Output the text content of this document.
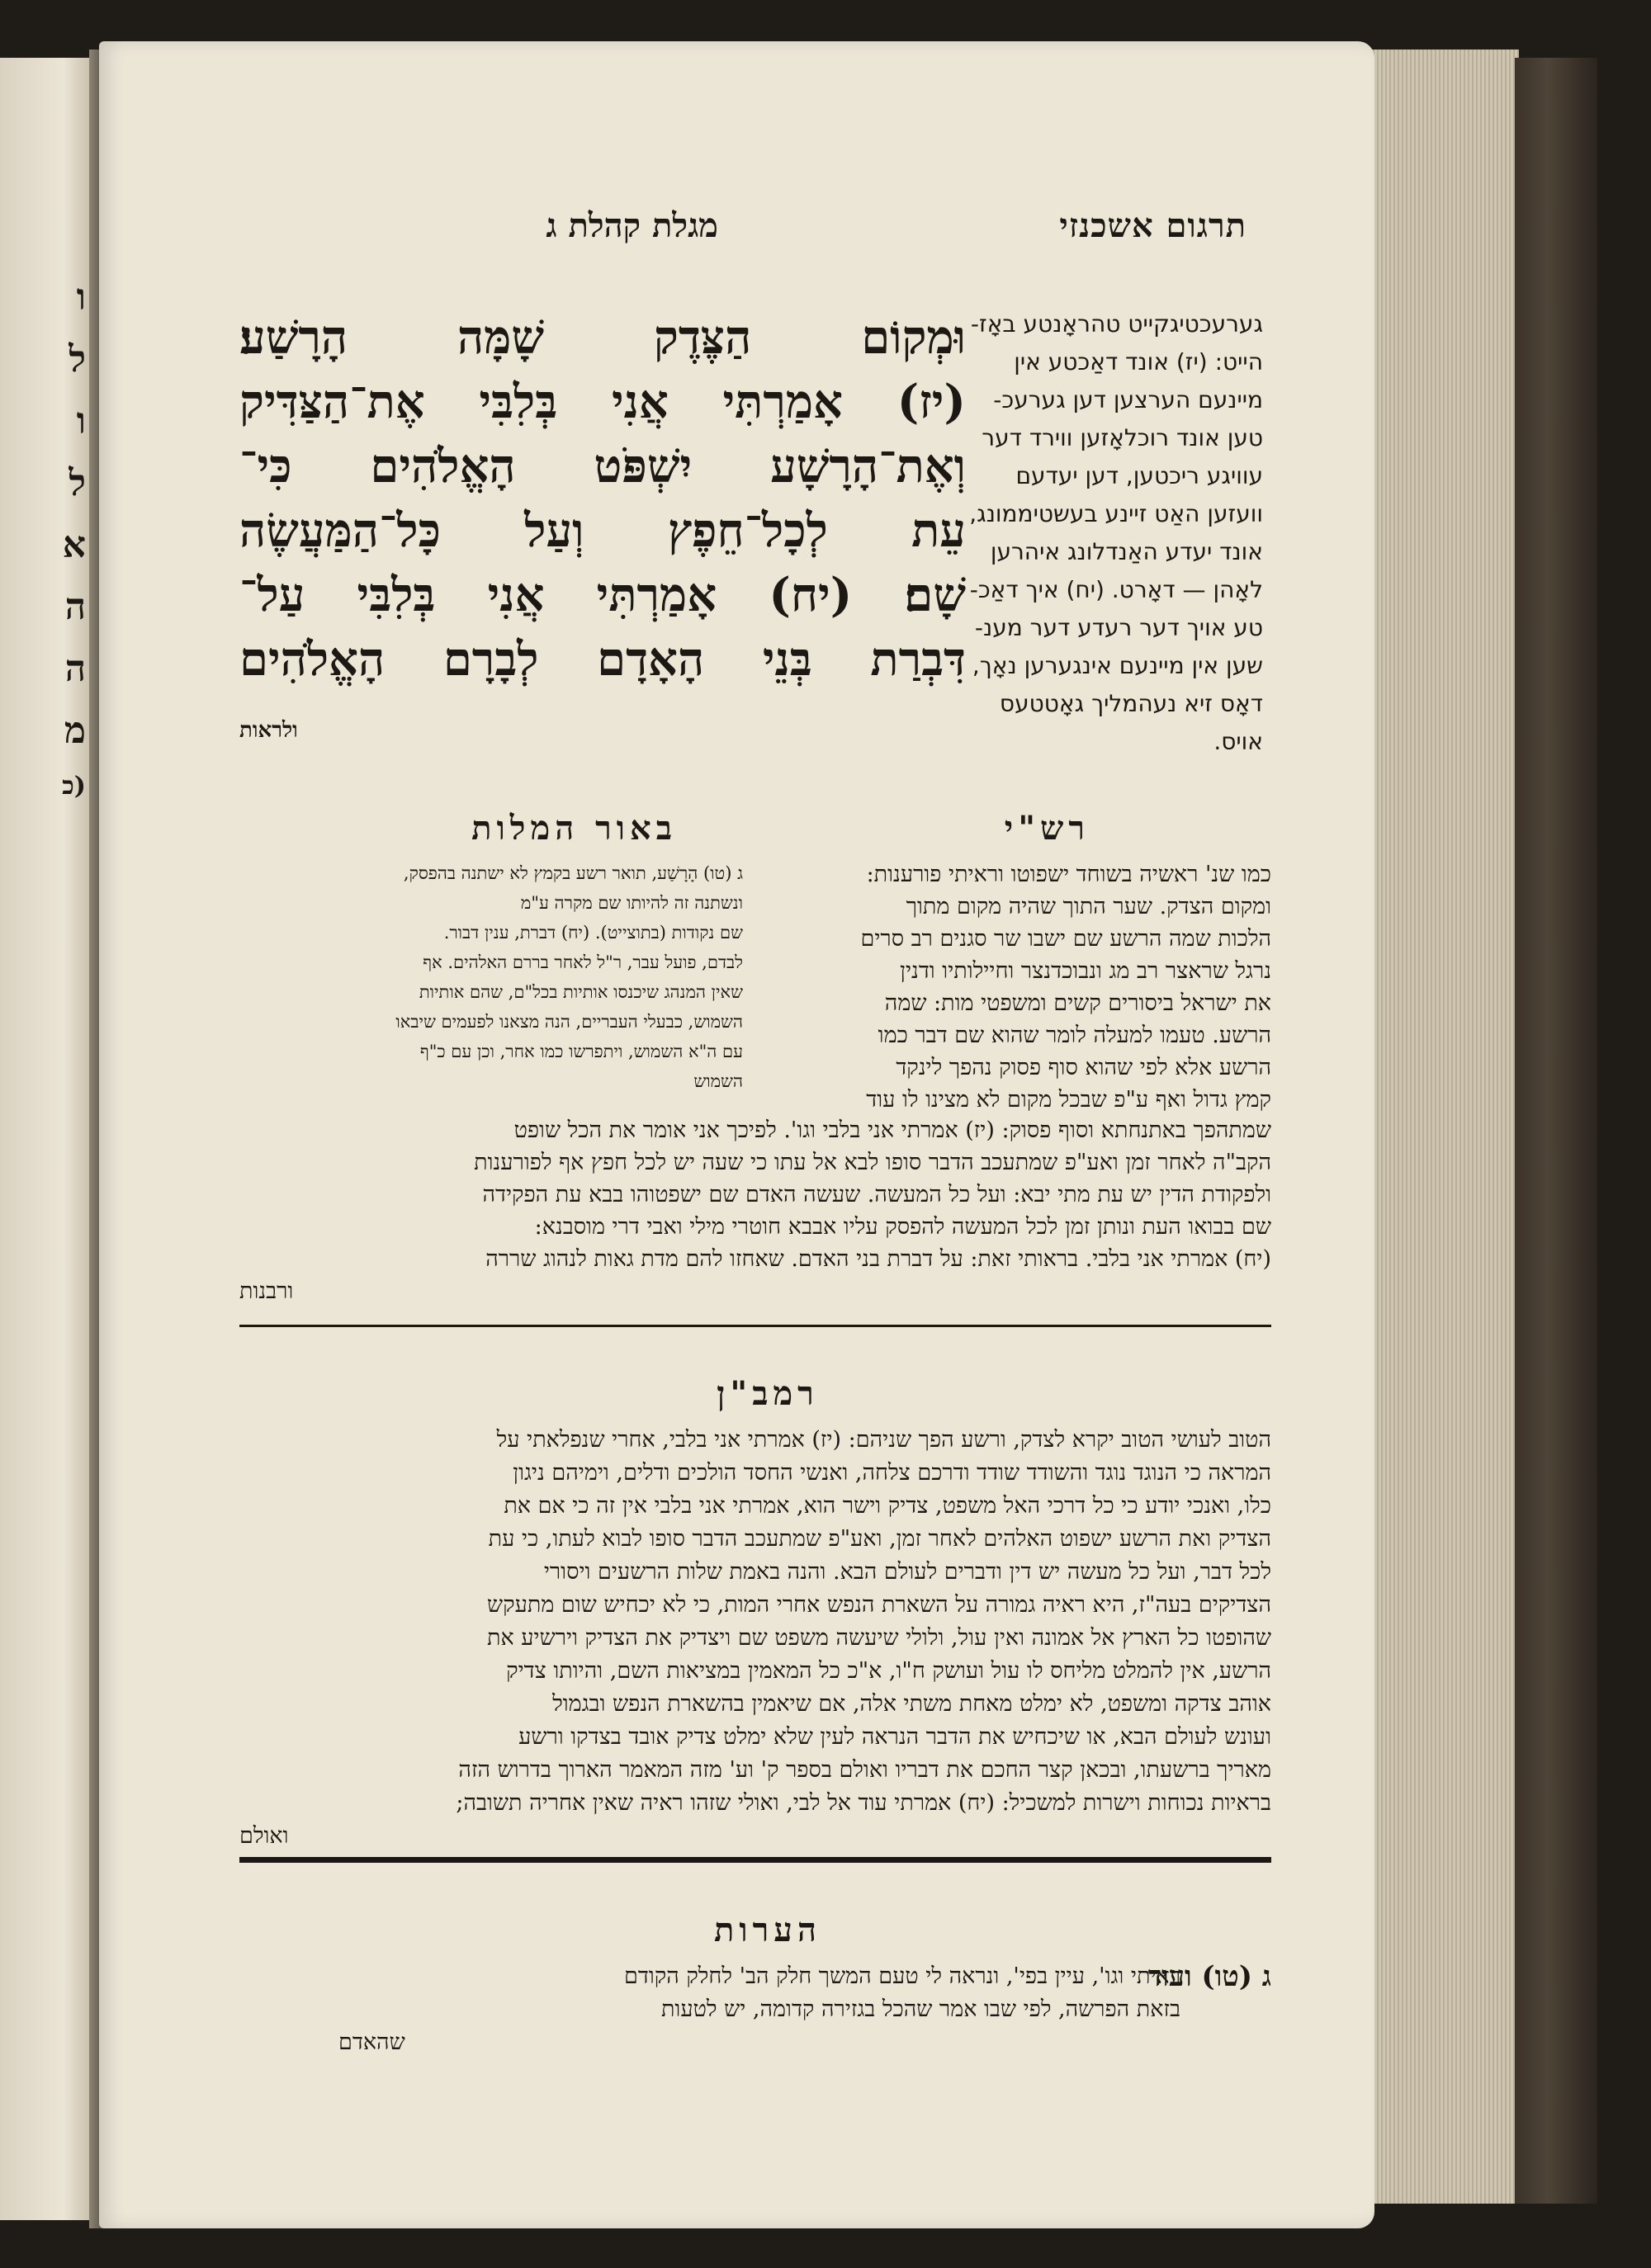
ו
ל
ו
ל
א
ה
ה
מ
(כ
תרגום אשכנזי
מגלת קהלת ג
וּמְקוֹם הַצֶּדֶק שָׁמָּה הָרָשַׁע׃
(יז) אָמַרְתִּי אֲנִי בְּלִבִּי אֶת־הַצַּדִּיק
וְאֶת־הָרָשָׁע יִשְׁפֹּט הָאֱלֹהִים כִּי־
עֵת לְכָל־חֵפֶץ וְעַל כָּל־הַמַּעֲשֶׂה
שָׁם׃ (יח) אָמַרְתִּי אֲנִי בְּלִבִּי עַל־
דִּבְרַת בְּנֵי הָאָדָם לְבָרָם הָאֱלֹהִים
ולראות
גערעכטיגקייט טהראָנטע באָז-
הייט: (יז) אונד דאַכטע אין
מיינעם הערצען דען גערעכ-
טען אונד רוכלאָזען ווירד דער
עוויגע ריכטען, דען יעדעם
וועזען האַט זיינע בעשטיממונג,
אונד יעדע האַנדלונג איהרען
לאָהן — דאָרט. (יח) איך דאַכ-
טע אויך דער רעדע דער מענ-
שען אין מיינעם אינגערען נאָך,
דאָס זיא נעהמליך גאָטטעס
אויס.
רש"י
באור המלות
כמו שנ' ראשיה בשוחד ישפוטו וראיתי פורענות:
ומקום הצדק. שער התוך שהיה מקום מתוך
הלכות שמה הרשע שם ישבו שר סגנים רב סרים
נרגל שראצר רב מג ונבוכדנצר וחיילותיו ודנין
את ישראל ביסורים קשים ומשפטי מות: שמה
הרשע. טעמו למעלה לומר שהוא שם דבר כמו
הרשע אלא לפי שהוא סוף פסוק נהפך לינקד
קמץ גדול ואף ע"פ שבכל מקום לא מצינו לו עוד
ג (טו) הָרָשַׁע, תואר רשע בקמץ לא ישתנה בהפסק,
ונשתנה זה להיותו שם מקרה ע"מ
שם נקודות (בתוצייט). (יח) דברת, ענין דבור.
לבדם, פועל עבר, ר"ל לאחר בררם האלהים. אף
שאין המנהג שיכנסו אותיות בכל"ם, שהם אותיות
השמוש, כבעלי העבריים, הנה מצאנו לפעמים שיבאו
עם ה"א השמוש, ויתפרשו כמו אחר, וכן עם כ"ף
השמוש
שמתהפך באתנחתא וסוף פסוק: (יז) אמרתי אני בלבי וגו'. לפיכך אני אומר את הכל שופט
הקב"ה לאחר זמן ואע"פ שמתעכב הדבר סופו לבא אל עתו כי שעה יש לכל חפץ אף לפורענות
ולפקודת הדין יש עת מתי יבא: ועל כל המעשה. שעשה האדם שם ישפטוהו בבא עת הפקידה
שם בבואו העת ונותן זמן לכל המעשה להפסק עליו אבבא חוטרי מילי ואבי דרי מוסבנא:
(יח) אמרתי אני בלבי. בראותי זאת: על דברת בני האדם. שאחזו להם מדת גאות לנהוג שררה
ורבנות
רמב"ן
הטוב לעושי הטוב יקרא לצדק, ורשע הפך שניהם: (יז) אמרתי אני בלבי, אחרי שנפלאתי על
המראה כי הנוגד נוגד והשודד שודד ודרכם צלחה, ואנשי החסד הולכים ודלים, וימיהם ניגון
כלו, ואנכי יודע כי כל דרכי האל משפט, צדיק וישר הוא, אמרתי אני בלבי אין זה כי אם את
הצדיק ואת הרשע ישפוט האלהים לאחר זמן, ואע"פ שמתעכב הדבר סופו לבוא לעתו, כי עת
לכל דבר, ועל כל מעשה יש דין ודברים לעולם הבא. והנה באמת שלות הרשעים ויסורי
הצדיקים בעה"ז, היא ראיה גמורה על השארת הנפש אחרי המות, כי לא יכחיש שום מתעקש
שהופטו כל הארץ אל אמונה ואין עול, ולולי שיעשה משפט שם ויצדיק את הצדיק וירשיע את
הרשע, אין להמלט מליחס לו עול ועושק ח"ו, א"כ כל המאמין במציאות השם, והיותו צדיק
אוהב צדקה ומשפט, לא ימלט מאחת משתי אלה, אם שיאמין בהשארת הנפש ובגמול
ועונש לעולם הבא, או שיכחיש את הדבר הנראה לעין שלא ימלט צדיק אובד בצדקו ורשע
מאריך ברשעתו, ובכאן קצר החכם את דבריו ואולם בספר ק' וע' מזה המאמר הארוך בדרוש הזה
בראיות נכוחות וישרות למשכיל: (יח) אמרתי עוד אל לבי, ואולי שזהו ראיה שאין אחריה תשובה;
ואולם
הערות
ג (טו) ועוד
ראיתי וגו', עיין בפי', ונראה לי טעם המשך חלק הב' לחלק הקודם
בזאת הפרשה, לפי שבו אמר שהכל בגזירה קדומה, יש לטעות
שהאדם
